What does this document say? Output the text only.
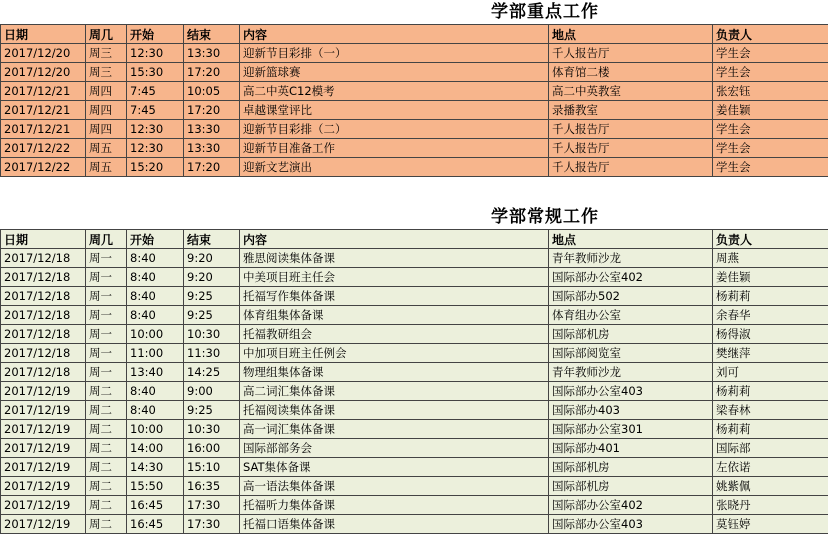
学部重点工作
日期	周几	开始	结束	内容	地点	负责人
2017/12/20	周三	12:30	13:30	迎新节目彩排（一）	千人报告厅	学生会
2017/12/20	周三	15:30	17:20	迎新篮球赛	体育馆二楼	学生会
2017/12/21	周四	7:45	10:05	高二中英C12模考	高二中英教室	张宏钰
2017/12/21	周四	7:45	17:20	卓越课堂评比	录播教室	姜佳颖
2017/12/21	周四	12:30	13:30	迎新节目彩排（二）	千人报告厅	学生会
2017/12/22	周五	12:30	13:30	迎新节目准备工作	千人报告厅	学生会
2017/12/22	周五	15:20	17:20	迎新文艺演出	千人报告厅	学生会
学部常规工作
日期	周几	开始	结束	内容	地点	负责人
2017/12/18	周一	8:40	9:20	雅思阅读集体备课	青年教师沙龙	周燕
2017/12/18	周一	8:40	9:20	中美项目班主任会	国际部办公室402	姜佳颖
2017/12/18	周一	8:40	9:25	托福写作集体备课	国际部办502	杨莉莉
2017/12/18	周一	8:40	9:25	体育组集体备课	体育组办公室	余春华
2017/12/18	周一	10:00	10:30	托福教研组会	国际部机房	杨得淑
2017/12/18	周一	11:00	11:30	中加项目班主任例会	国际部阅览室	樊继萍
2017/12/18	周一	13:40	14:25	物理组集体备课	青年教师沙龙	刘可
2017/12/19	周二	8:40	9:00	高二词汇集体备课	国际部办公室403	杨莉莉
2017/12/19	周二	8:40	9:25	托福阅读集体备课	国际部办403	梁春林
2017/12/19	周二	10:00	10:30	高一词汇集体备课	国际部办公室301	杨莉莉
2017/12/19	周二	14:00	16:00	国际部部务会	国际部办401	国际部
2017/12/19	周二	14:30	15:10	SAT集体备课	国际部机房	左依诺
2017/12/19	周二	15:50	16:35	高一语法集体备课	国际部机房	姚紫佩
2017/12/19	周二	16:45	17:30	托福听力集体备课	国际部办公室402	张晓丹
2017/12/19	周二	16:45	17:30	托福口语集体备课	国际部办公室403	莫钰婷
